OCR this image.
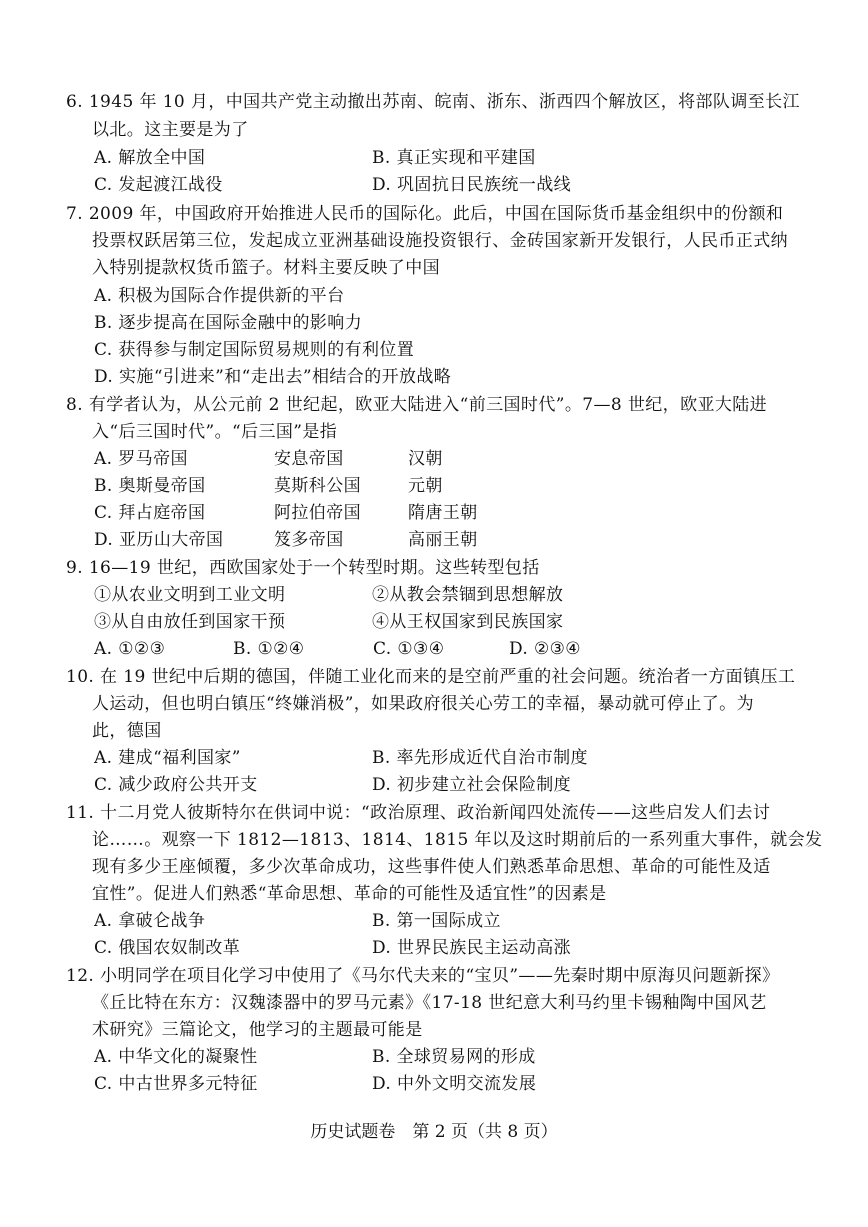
6. 1945 年 10 月，中国共产党主动撤出苏南、皖南、浙东、浙西四个解放区，将部队调至长江
以北。这主要是为了
A. 解放全中国	B. 真正实现和平建国
C. 发起渡江战役	D. 巩固抗日民族统一战线
7. 2009 年，中国政府开始推进人民币的国际化。此后，中国在国际货币基金组织中的份额和
投票权跃居第三位，发起成立亚洲基础设施投资银行、金砖国家新开发银行，人民币正式纳
入特别提款权货币篮子。材料主要反映了中国
A. 积极为国际合作提供新的平台
B. 逐步提高在国际金融中的影响力
C. 获得参与制定国际贸易规则的有利位置
D. 实施“引进来”和“走出去”相结合的开放战略
8. 有学者认为，从公元前 2 世纪起，欧亚大陆进入“前三国时代”。7—8 世纪，欧亚大陆进
入“后三国时代”。“后三国”是指
A. 罗马帝国	安息帝国	汉朝
B. 奥斯曼帝国	莫斯科公国	元朝
C. 拜占庭帝国	阿拉伯帝国	隋唐王朝
D. 亚历山大帝国	笈多帝国	高丽王朝
9. 16—19 世纪，西欧国家处于一个转型时期。这些转型包括
①从农业文明到工业文明	②从教会禁锢到思想解放
③从自由放任到国家干预	④从王权国家到民族国家
A. ①②③	B. ①②④	C. ①③④	D. ②③④
10. 在 19 世纪中后期的德国，伴随工业化而来的是空前严重的社会问题。统治者一方面镇压工
人运动，但也明白镇压“终嫌消极”，如果政府很关心劳工的幸福，暴动就可停止了。为
此，德国
A. 建成“福利国家”	B. 率先形成近代自治市制度
C. 减少政府公共开支	D. 初步建立社会保险制度
11. 十二月党人彼斯特尔在供词中说：“政治原理、政治新闻四处流传——这些启发人们去讨
论……。观察一下 1812—1813、1814、1815 年以及这时期前后的一系列重大事件，就会发
现有多少王座倾覆，多少次革命成功，这些事件使人们熟悉革命思想、革命的可能性及适
宜性”。促进人们熟悉“革命思想、革命的可能性及适宜性”的因素是
A. 拿破仑战争	B. 第一国际成立
C. 俄国农奴制改革	D. 世界民族民主运动高涨
12. 小明同学在项目化学习中使用了《马尔代夫来的“宝贝”——先秦时期中原海贝问题新探》
《丘比特在东方：汉魏漆器中的罗马元素》《17-18 世纪意大利马约里卡锡釉陶中国风艺
术研究》三篇论文，他学习的主题最可能是
A. 中华文化的凝聚性	B. 全球贸易网的形成
C. 中古世界多元特征	D. 中外文明交流发展
历史试题卷　第 2 页（共 8 页）
